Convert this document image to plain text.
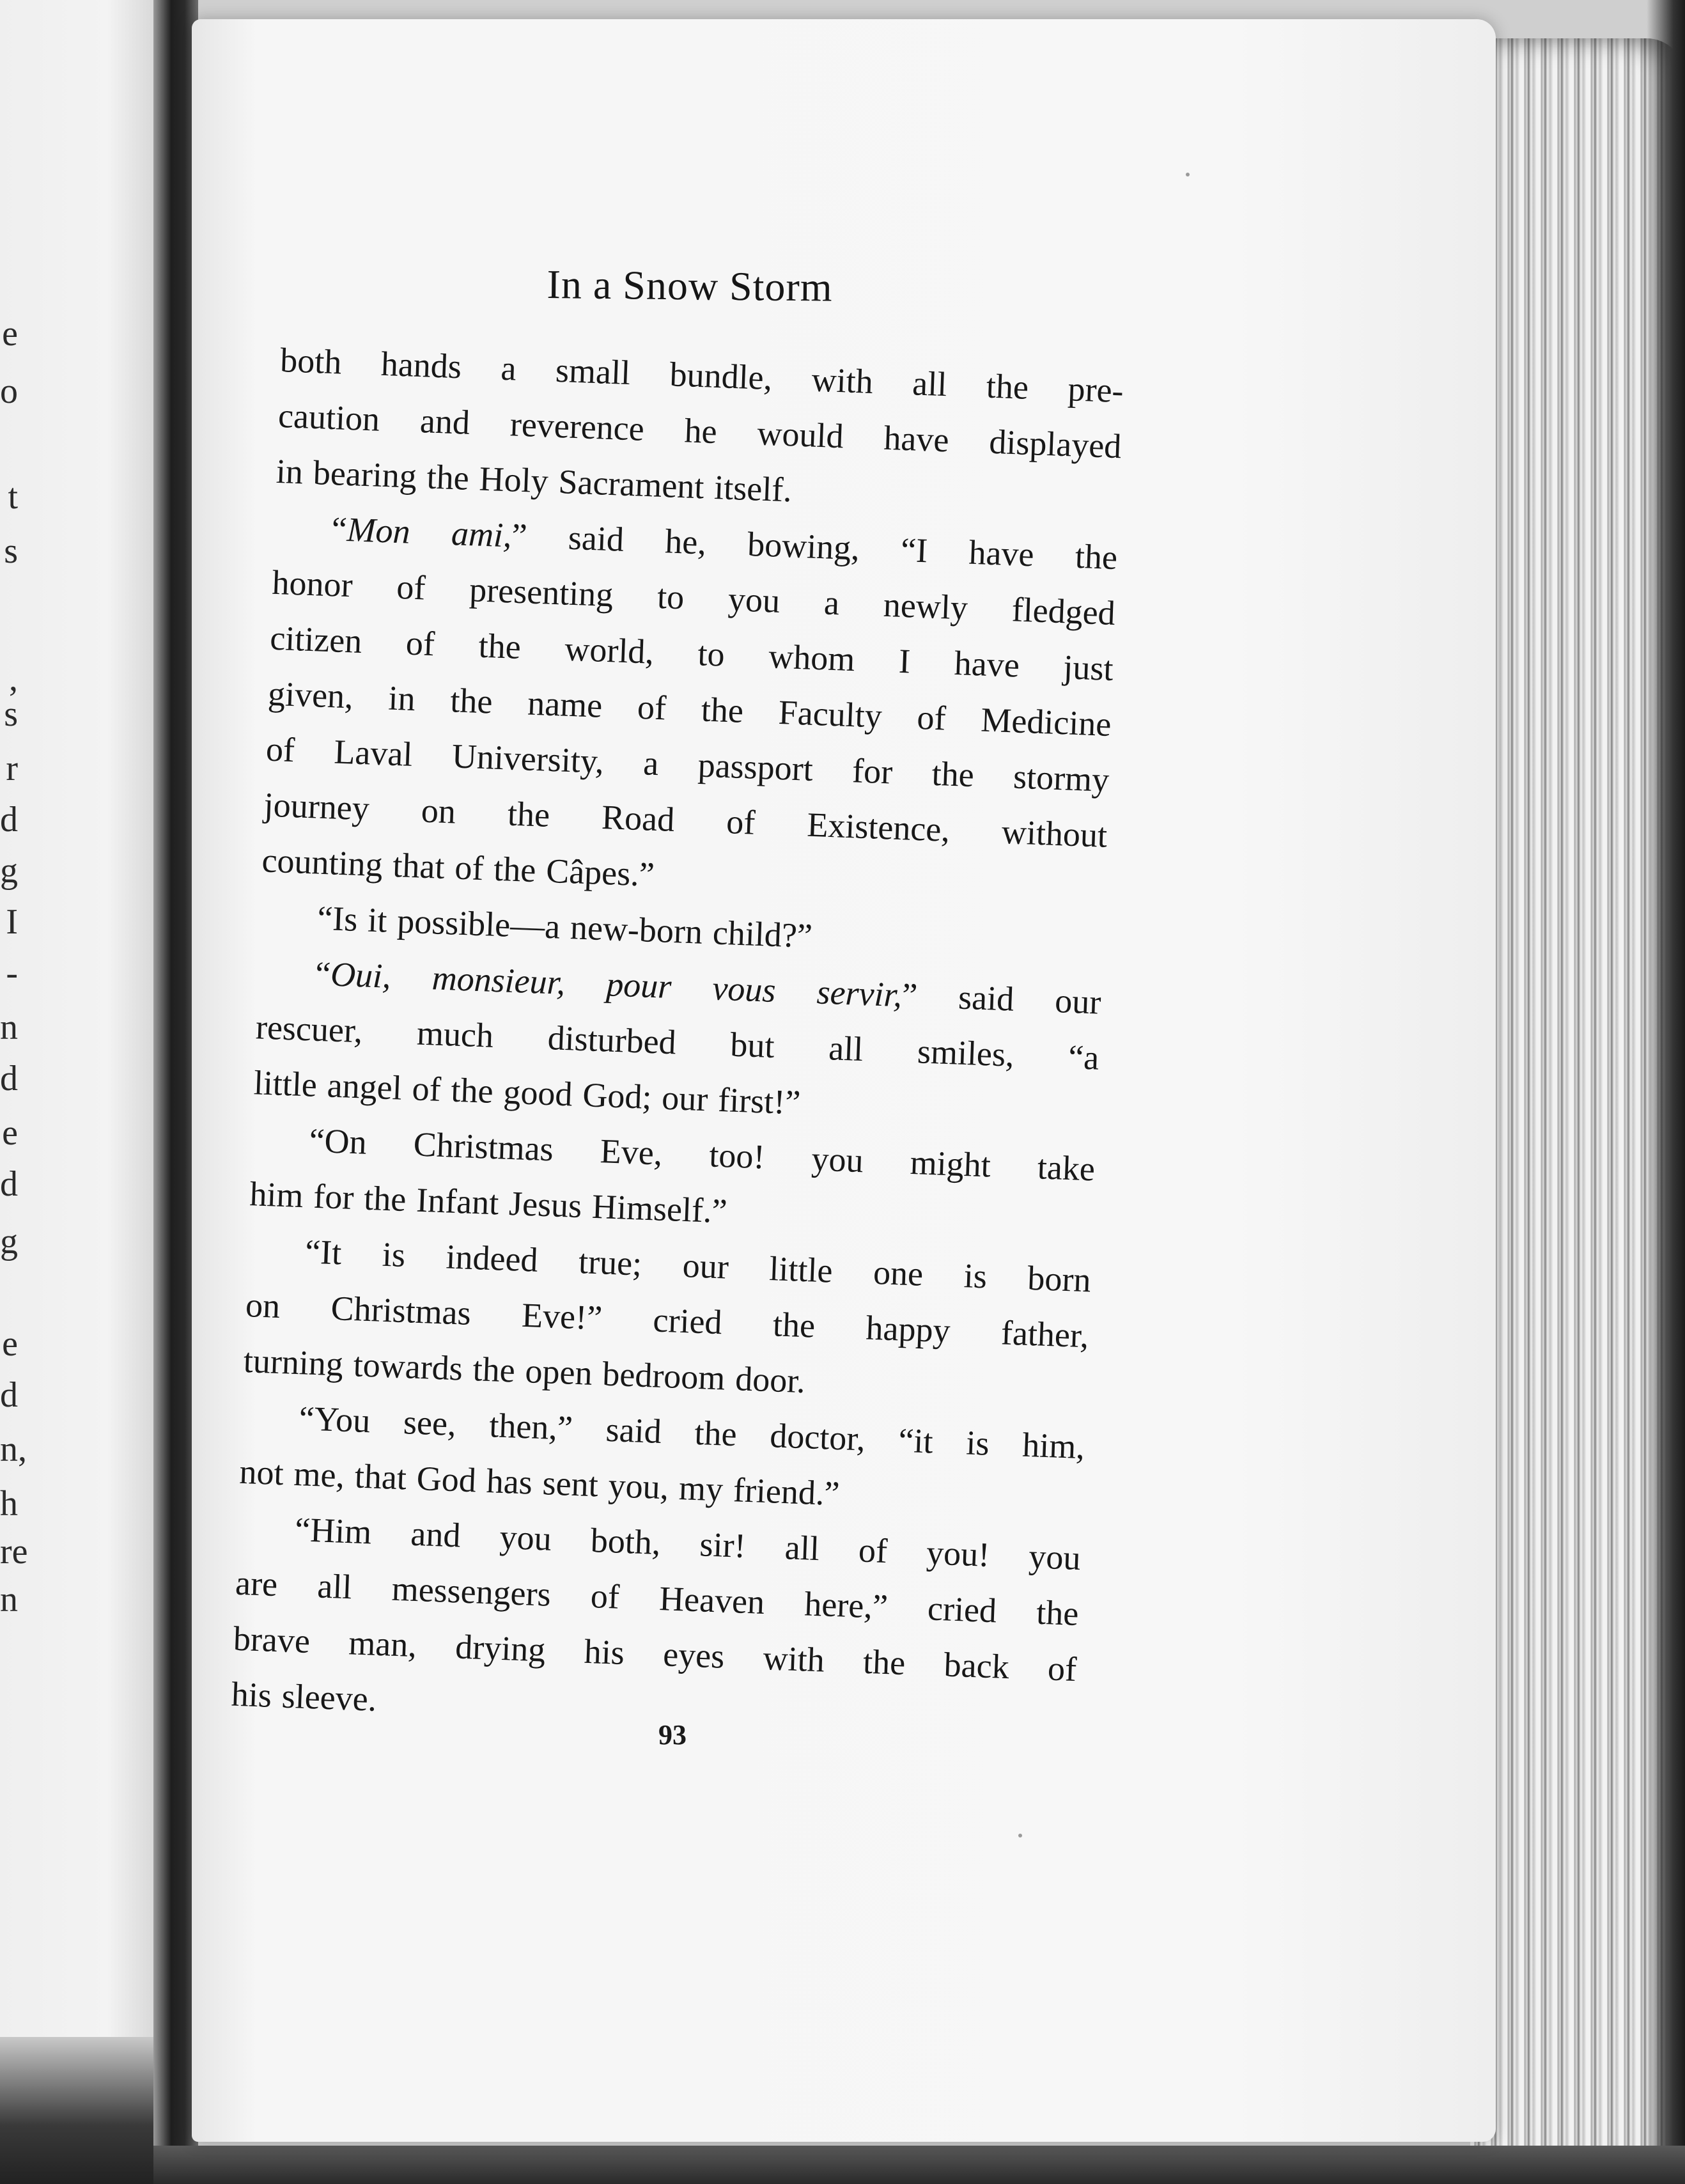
e
o
t
s
,
s
r
d
g
I
-
n
d
e
d
g
e
d
n,
h
re
n
In a Snow Storm
both hands a small bundle, with all the pre-
caution and reverence he would have displayed
in bearing the Holy Sacrament itself.
“Mon ami,” said he, bowing, “I have the
honor of presenting to you a newly fledged
citizen of the world, to whom I have just
given, in the name of the Faculty of Medicine
of Laval University, a passport for the stormy
journey on the Road of Existence, without
counting that of the Câpes.”
“Is it possible—a new-born child?”
“Oui, monsieur, pour vous servir,” said our
rescuer, much disturbed but all smiles, “a
little angel of the good God; our first!”
“On Christmas Eve, too! you might take
him for the Infant Jesus Himself.”
“It is indeed true; our little one is born
on Christmas Eve!” cried the happy father,
turning towards the open bedroom door.
“You see, then,” said the doctor, “it is him,
not me, that God has sent you, my friend.”
“Him and you both, sir! all of you! you
are all messengers of Heaven here,” cried the
brave man, drying his eyes with the back of
his sleeve.
93
